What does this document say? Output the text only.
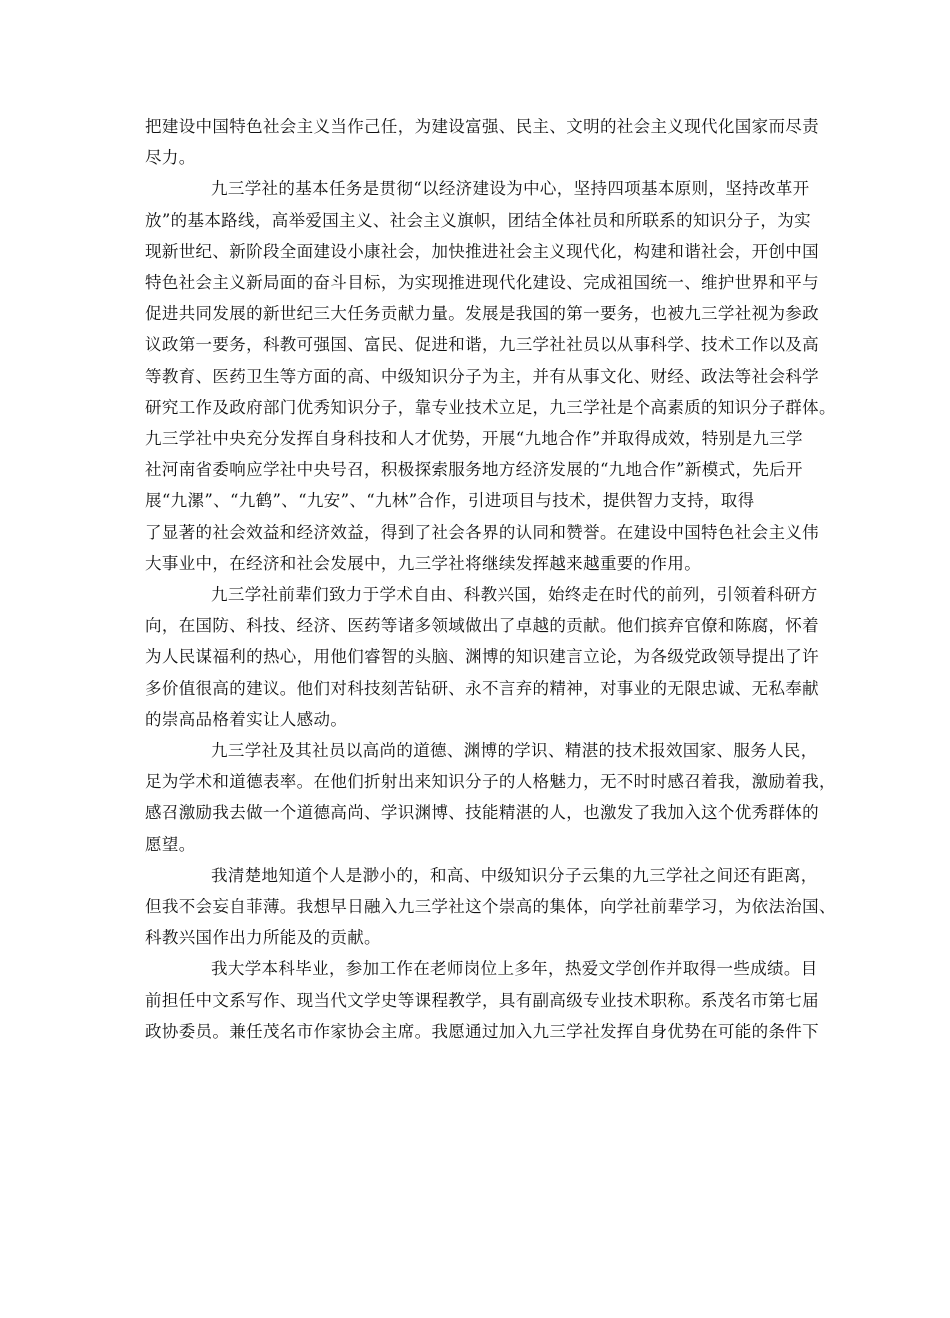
把建设中国特色社会主义当作己任，为建设富强、民主、文明的社会主义现代化国家而尽责
尽力。
九三学社的基本任务是贯彻“以经济建设为中心，坚持四项基本原则，坚持改革开
放”的基本路线，高举爱国主义、社会主义旗帜，团结全体社员和所联系的知识分子，为实
现新世纪、新阶段全面建设小康社会，加快推进社会主义现代化，构建和谐社会，开创中国
特色社会主义新局面的奋斗目标，为实现推进现代化建设、完成祖国统一、维护世界和平与
促进共同发展的新世纪三大任务贡献力量。发展是我国的第一要务，也被九三学社视为参政
议政第一要务，科教可强国、富民、促进和谐，九三学社社员以从事科学、技术工作以及高
等教育、医药卫生等方面的高、中级知识分子为主，并有从事文化、财经、政法等社会科学
研究工作及政府部门优秀知识分子，靠专业技术立足，九三学社是个高素质的知识分子群体。
九三学社中央充分发挥自身科技和人才优势，开展“九地合作”并取得成效，特别是九三学
社河南省委响应学社中央号召，积极探索服务地方经济发展的“九地合作”新模式，先后开
展“九漯”、“九鹤”、“九安”、“九林”合作，引进项目与技术，提供智力支持，取得
了显著的社会效益和经济效益，得到了社会各界的认同和赞誉。在建设中国特色社会主义伟
大事业中，在经济和社会发展中，九三学社将继续发挥越来越重要的作用。
九三学社前辈们致力于学术自由、科教兴国，始终走在时代的前列，引领着科研方
向，在国防、科技、经济、医药等诸多领域做出了卓越的贡献。他们摈弃官僚和陈腐，怀着
为人民谋福利的热心，用他们睿智的头脑、渊博的知识建言立论，为各级党政领导提出了许
多价值很高的建议。他们对科技刻苦钻研、永不言弃的精神，对事业的无限忠诚、无私奉献
的崇高品格着实让人感动。
九三学社及其社员以高尚的道德、渊博的学识、精湛的技术报效国家、服务人民，
足为学术和道德表率。在他们折射出来知识分子的人格魅力，无不时时感召着我，激励着我，
感召激励我去做一个道德高尚、学识渊博、技能精湛的人，也激发了我加入这个优秀群体的
愿望。
我清楚地知道个人是渺小的，和高、中级知识分子云集的九三学社之间还有距离，
但我不会妄自菲薄。我想早日融入九三学社这个崇高的集体，向学社前辈学习，为依法治国、
科教兴国作出力所能及的贡献。
我大学本科毕业，参加工作在老师岗位上多年，热爱文学创作并取得一些成绩。目
前担任中文系写作、现当代文学史等课程教学，具有副高级专业技术职称。系茂名市第七届
政协委员。兼任茂名市作家协会主席。我愿通过加入九三学社发挥自身优势在可能的条件下
